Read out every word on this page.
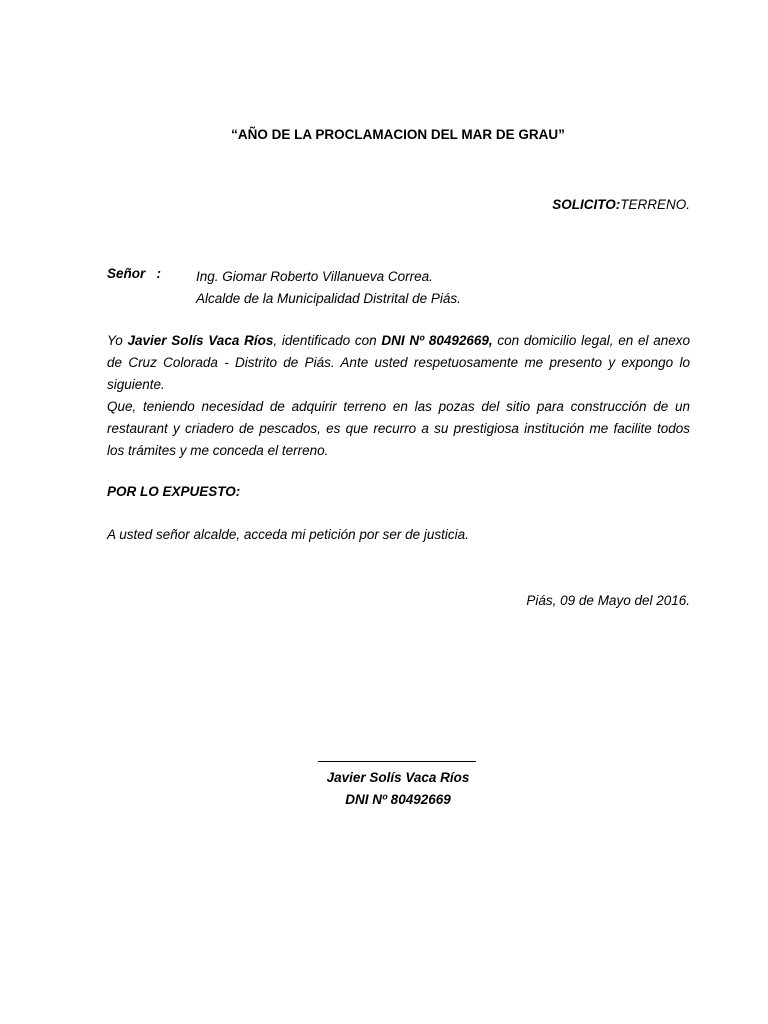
“AÑO DE LA PROCLAMACION DEL MAR DE GRAU”
SOLICITO:TERRENO.
Señor   :	Ing. Giomar Roberto Villanueva Correa.
Alcalde de la Municipalidad Distrital de Piás.
Yo Javier Solís Vaca Ríos, identificado con DNI Nº 80492669, con domicilio legal, en el anexo de Cruz Colorada - Distrito de Piás. Ante usted respetuosamente me presento y expongo lo siguiente.
Que, teniendo necesidad de adquirir terreno en las pozas del sitio para construcción de un restaurant y criadero de pescados, es que recurro a su prestigiosa institución me facilite todos los trámites y me conceda el terreno.
POR LO EXPUESTO:
A usted señor alcalde, acceda mi petición por ser de justicia.
Piás, 09 de Mayo del 2016.
Javier Solís Vaca Ríos
DNI Nº 80492669
